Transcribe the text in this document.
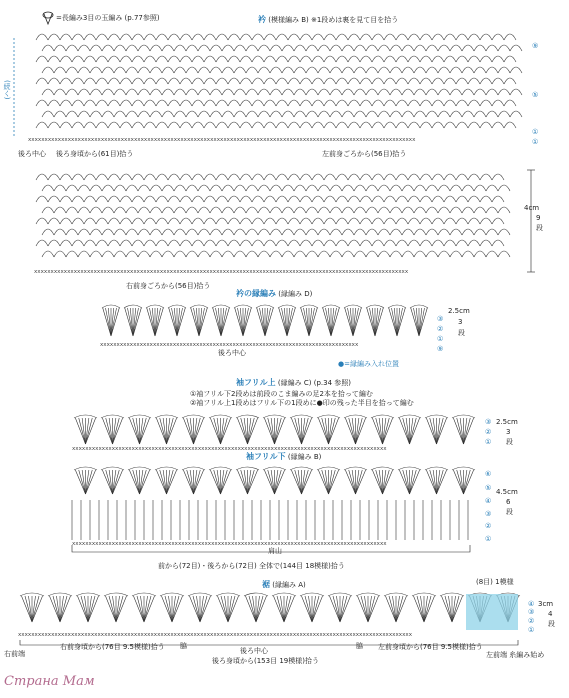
xxxxxxxxxxxxxxxxxxxxxxxxxxxxxxxxxxxxxxxxxxxxxxxxxxxxxxxxxxxxxxxxxxxxxxxxxxxxxxxxxxxxxxxxxxxxxxxxxxxxxxxxxxxxxxxxxxxxx
xxxxxxxxxxxxxxxxxxxxxxxxxxxxxxxxxxxxxxxxxxxxxxxxxxxxxxxxxxxxxxxxxxxxxxxxxxxxxxxxxxxxxxxxxxxxxxxxxxxxxxxxxxxxxxxxx
xxxxxxxxxxxxxxxxxxxxxxxxxxxxxxxxxxxxxxxxxxxxxxxxxxxxxxxxxxxxxxxxxxxxxxxxxxxxxx
xxxxxxxxxxxxxxxxxxxxxxxxxxxxxxxxxxxxxxxxxxxxxxxxxxxxxxxxxxxxxxxxxxxxxxxxxxxxxxxxxxxxxxxxxxxxxxx
xxxxxxxxxxxxxxxxxxxxxxxxxxxxxxxxxxxxxxxxxxxxxxxxxxxxxxxxxxxxxxxxxxxxxxxxxxxxxxxxxxxxxxxxxxxxxxx
xxxxxxxxxxxxxxxxxxxxxxxxxxxxxxxxxxxxxxxxxxxxxxxxxxxxxxxxxxxxxxxxxxxxxxxxxxxxxxxxxxxxxxxxxxxxxxxxxxxxxxxxxxxxxxxxxxxxxxx
=長編み3目の玉編み (p.77参照)	衿 (模様編み B) ※1段めは裏を見て目を拾う
(続く)
⑨
⑤
①
①
後ろ中心 後ろ身頃から(61目)拾う	左前身ごろから(56目)拾う
4cm
9
段
右前身ごろから(56目)拾う
衿の縁編み (縁編み D)
2.5cm
3
段
③
②
①
⑨
後ろ中心
●=縁編み入れ位置
袖フリル上 (縁編み C) (p.34 参照)
①袖フリル下2段めは前段のこま編みの足2本を拾って編む
②袖フリル上1段めはフリル下の1段めに●印の残った半目を拾って編む
2.5cm
3
段
③
②
①
袖フリル下 (縁編み B)
⑥
⑤
④
③
②
①
4.5cm
6
段
肩山
前から(72目)・後ろから(72目) 全体で(144目 18模様)拾う
裾 (縁編み A)	(8目) 1模様
3cm
4
段
④
③
②
①
右前端
右前身頃から(76目 9.5模様)拾う 脇
後ろ中心
後ろ身頃から(153目 19模様)拾う
脇 左前身頃から(76目 9.5模様)拾う
左前端 糸編み始め
Страна Мам
